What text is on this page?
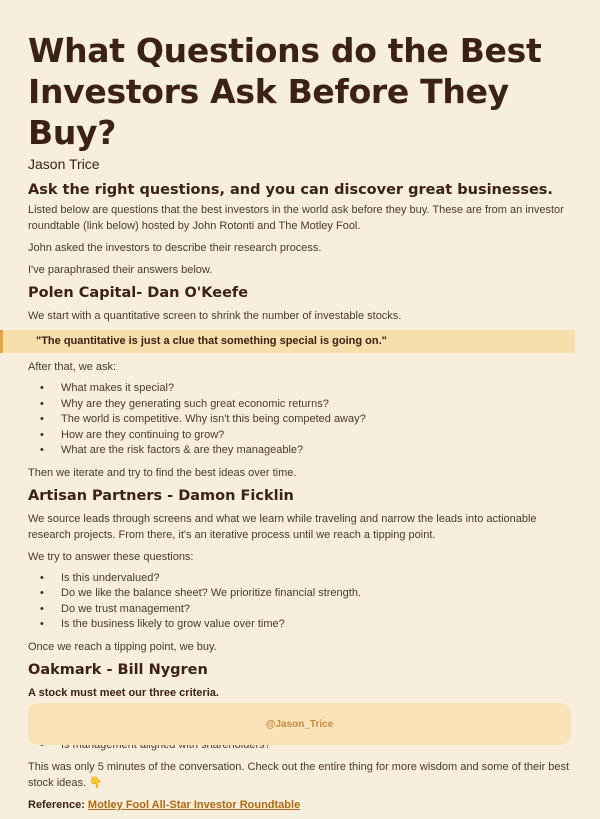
What Questions do the Best Investors Ask Before They Buy?
Jason Trice
Ask the right questions, and you can discover great businesses.

Listed below are questions that the best investors in the world ask before they buy. These are from an investor roundtable (link below) hosted by John Rotonti and The Motley Fool.

John asked the investors to describe their research process.

I've paraphrased their answers below.

Polen Capital- Dan O'Keefe

We start with a quantitative screen to shrink the number of investable stocks.

"The quantitative is just a clue that something special is going on."

After that, we ask:

• What makes it special?
• Why are they generating such great economic returns?
• The world is competitive. Why isn't this being competed away?
• How are they continuing to grow?
• What are the risk factors & are they manageable?

Then we iterate and try to find the best ideas over time.

Artisan Partners - Damon Ficklin

We source leads through screens and what we learn while traveling and narrow the leads into actionable research projects. From there, it's an iterative process until we reach a tipping point.

We try to answer these questions:

• Is this undervalued?
• Do we like the balance sheet? We prioritize financial strength.
• Do we trust management?
• Is the business likely to grow value over time?

Once we reach a tipping point, we buy.

Oakmark - Bill Nygren

A stock must meet our three criteria.

•
•
•

This was only 5 minutes of the conversation. Check out the entire thing for more wisdom and some of their best stock ideas. 👇

Reference: Motley Fool All-Star Investor Roundtable

@Jason_Trice
